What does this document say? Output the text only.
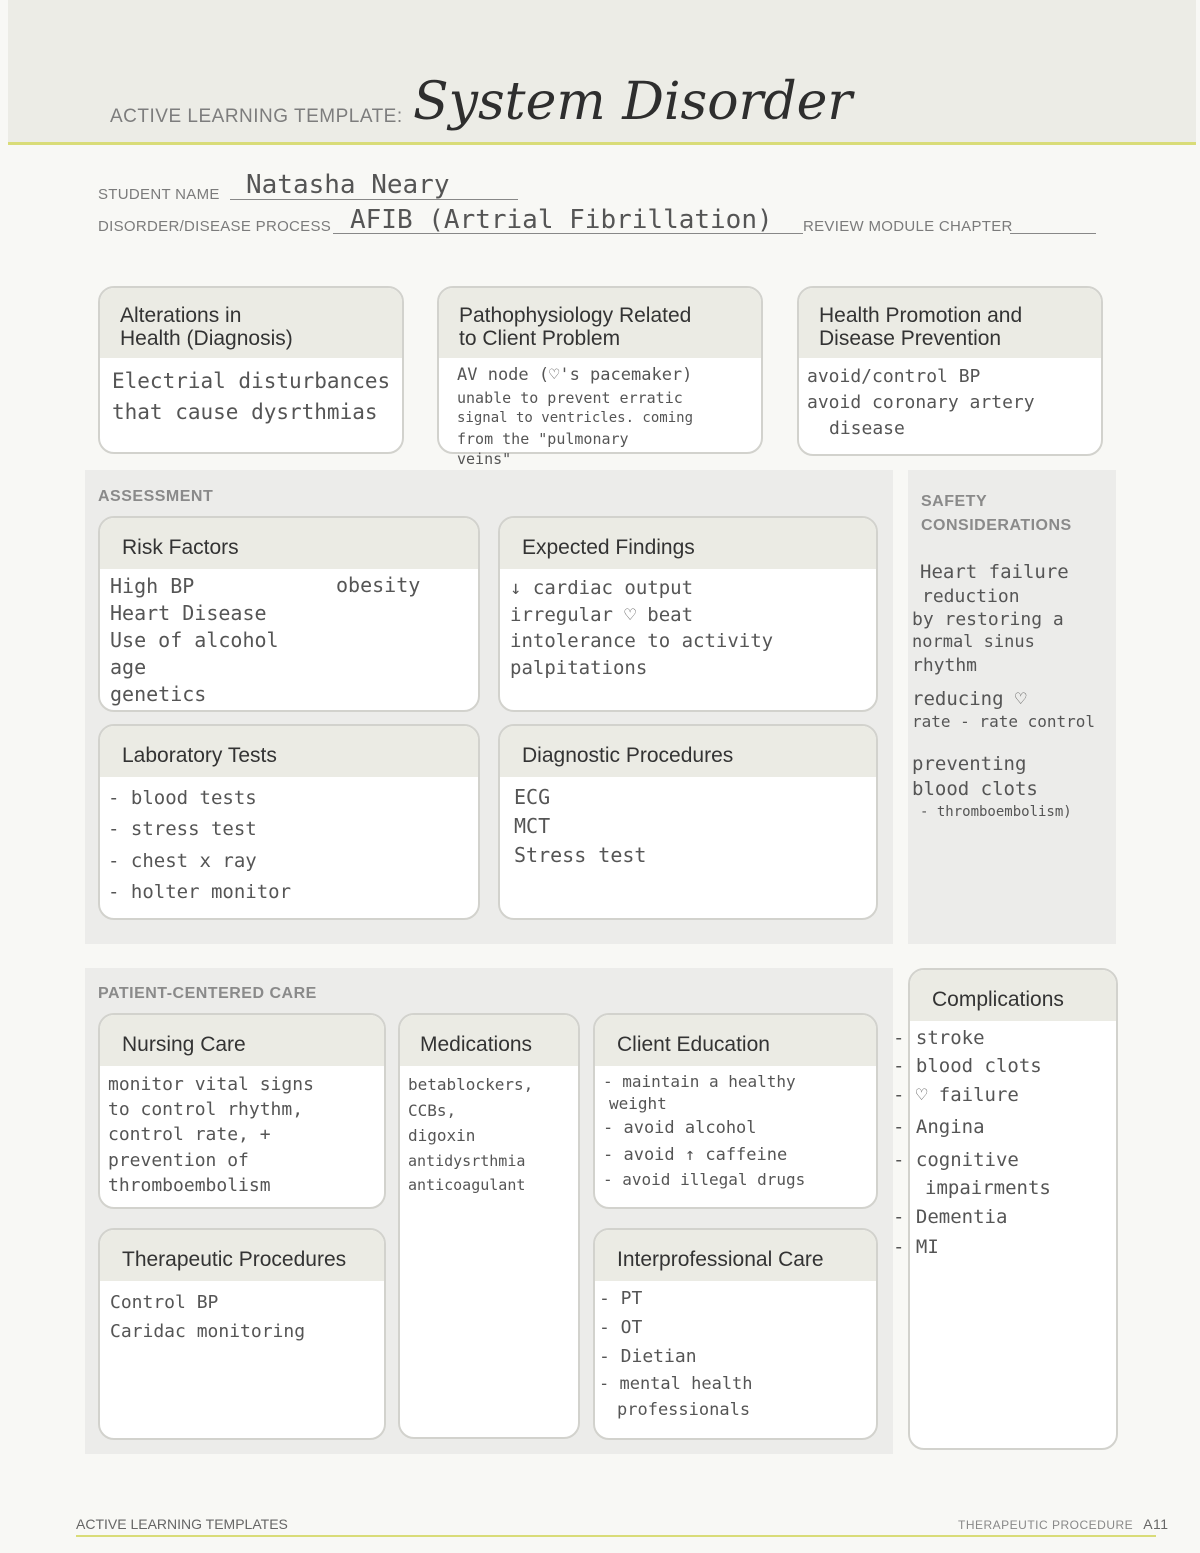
ACTIVE LEARNING TEMPLATE: System Disorder
STUDENT NAME Natasha Neary
DISORDER/DISEASE PROCESS AFIB (Artrial Fibrillation) REVIEW MODULE CHAPTER
Alterations in
Health (Diagnosis)
Electrial disturbances
that cause dysrthmias
Pathophysiology Related
to Client Problem
AV node (♡'s pacemaker)
unable to prevent erratic
signal to ventricles. coming
from the "pulmonary
veins"
Health Promotion and
Disease Prevention
avoid/control BP
avoid coronary artery
disease
ASSESSMENT
Risk Factors
High BP
Heart Disease
Use of alcohol
age
genetics
obesity
Expected Findings
↓ cardiac output
irregular ♡ beat
intolerance to activity
palpitations
Laboratory Tests
- blood tests
- stress test
- chest x ray
- holter monitor
Diagnostic Procedures
ECG
MCT
Stress test
SAFETY
CONSIDERATIONS
Heart failure
reduction
by restoring a
normal sinus
rhythm
reducing ♡
rate - rate control
preventing
blood clots
- thromboembolism)
PATIENT-CENTERED CARE
Nursing Care
monitor vital signs
to control rhythm,
control rate, +
prevention of
thromboembolism
Medications
betablockers,
CCBs,
digoxin
antidysrthmia
anticoagulant
Client Education
- maintain a healthy
weight
- avoid alcohol
- avoid ↑ caffeine
- avoid illegal drugs
Therapeutic Procedures
Control BP
Caridac monitoring
Interprofessional Care
- PT
- OT
- Dietian
- mental health
professionals
Complications
- stroke
- blood clots
- ♡ failure
- Angina
- cognitive
impairments
- Dementia
- MI
ACTIVE LEARNING TEMPLATES	THERAPEUTIC PROCEDURE A11
